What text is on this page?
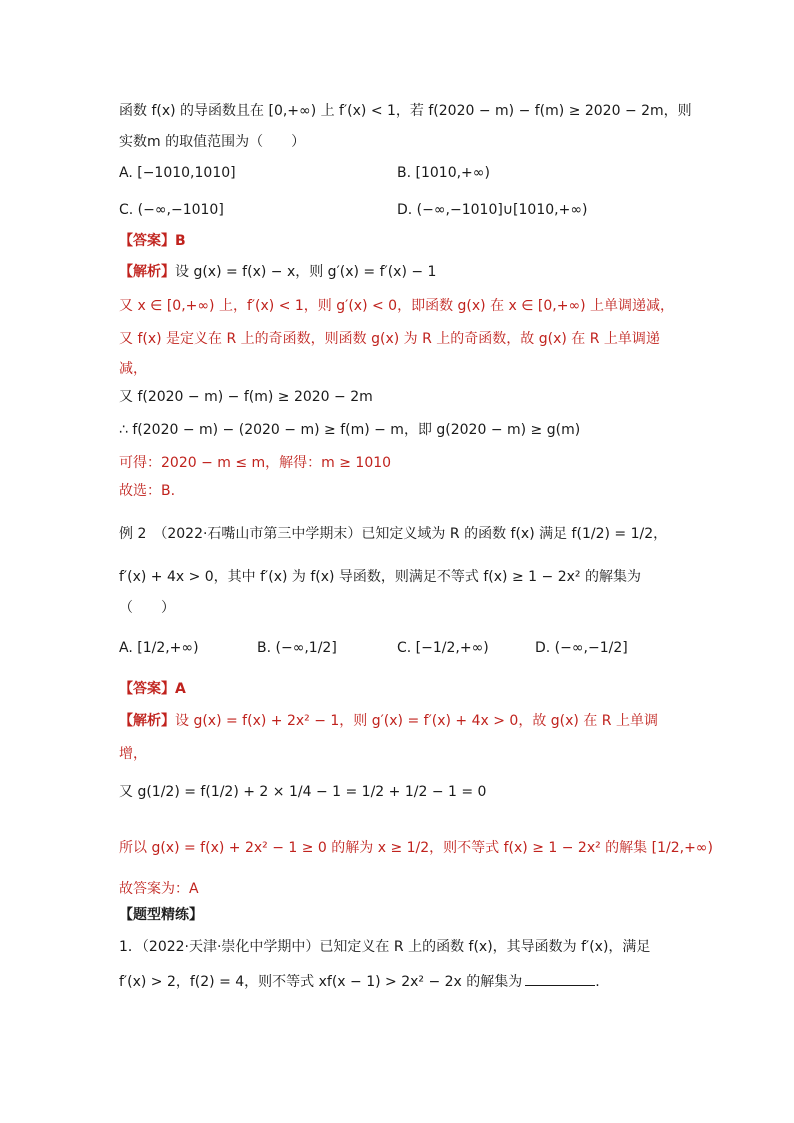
函数 f(x) 的导函数且在 [0,+∞) 上 f′(x) < 1，若 f(2020 − m) − f(m) ≥ 2020 − 2m，则
实数m 的取值范围为（　　）
A. [−1010,1010]	B. [1010,+∞)
C. (−∞,−1010]	D. (−∞,−1010]∪[1010,+∞)
【答案】B
【解析】设 g(x) = f(x) − x，则 g′(x) = f′(x) − 1
又 x ∈ [0,+∞) 上，f′(x) < 1，则 g′(x) < 0，即函数 g(x) 在 x ∈ [0,+∞) 上单调递减，
又 f(x) 是定义在 R 上的奇函数，则函数 g(x) 为 R 上的奇函数，故 g(x) 在 R 上单调递
减，
又 f(2020 − m) − f(m) ≥ 2020 − 2m
∴ f(2020 − m) − (2020 − m) ≥ f(m) − m，即 g(2020 − m) ≥ g(m)
可得：2020 − m ≤ m，解得：m ≥ 1010
故选：B.
例 2　（2022·石嘴山市第三中学期末）已知定义域为 R 的函数 f(x) 满足 f(1/2) = 1/2，
f′(x) + 4x > 0，其中 f′(x) 为 f(x) 导函数，则满足不等式 f(x) ≥ 1 − 2x² 的解集为
（　　）
A. [1/2,+∞)	B. (−∞,1/2]	C. [−1/2,+∞)	D. (−∞,−1/2]
【答案】A
【解析】设 g(x) = f(x) + 2x² − 1，则 g′(x) = f′(x) + 4x > 0，故 g(x) 在 R 上单调
增，
又 g(1/2) = f(1/2) + 2 × 1/4 − 1 = 1/2 + 1/2 − 1 = 0
所以 g(x) = f(x) + 2x² − 1 ≥ 0 的解为 x ≥ 1/2，则不等式 f(x) ≥ 1 − 2x² 的解集 [1/2,+∞)
故答案为：A
【题型精练】
1．（2022·天津·崇化中学期中）已知定义在 R 上的函数 f(x)，其导函数为 f′(x)，满足
f′(x) > 2，f(2) = 4，则不等式 xf(x − 1) > 2x² − 2x 的解集为	.
